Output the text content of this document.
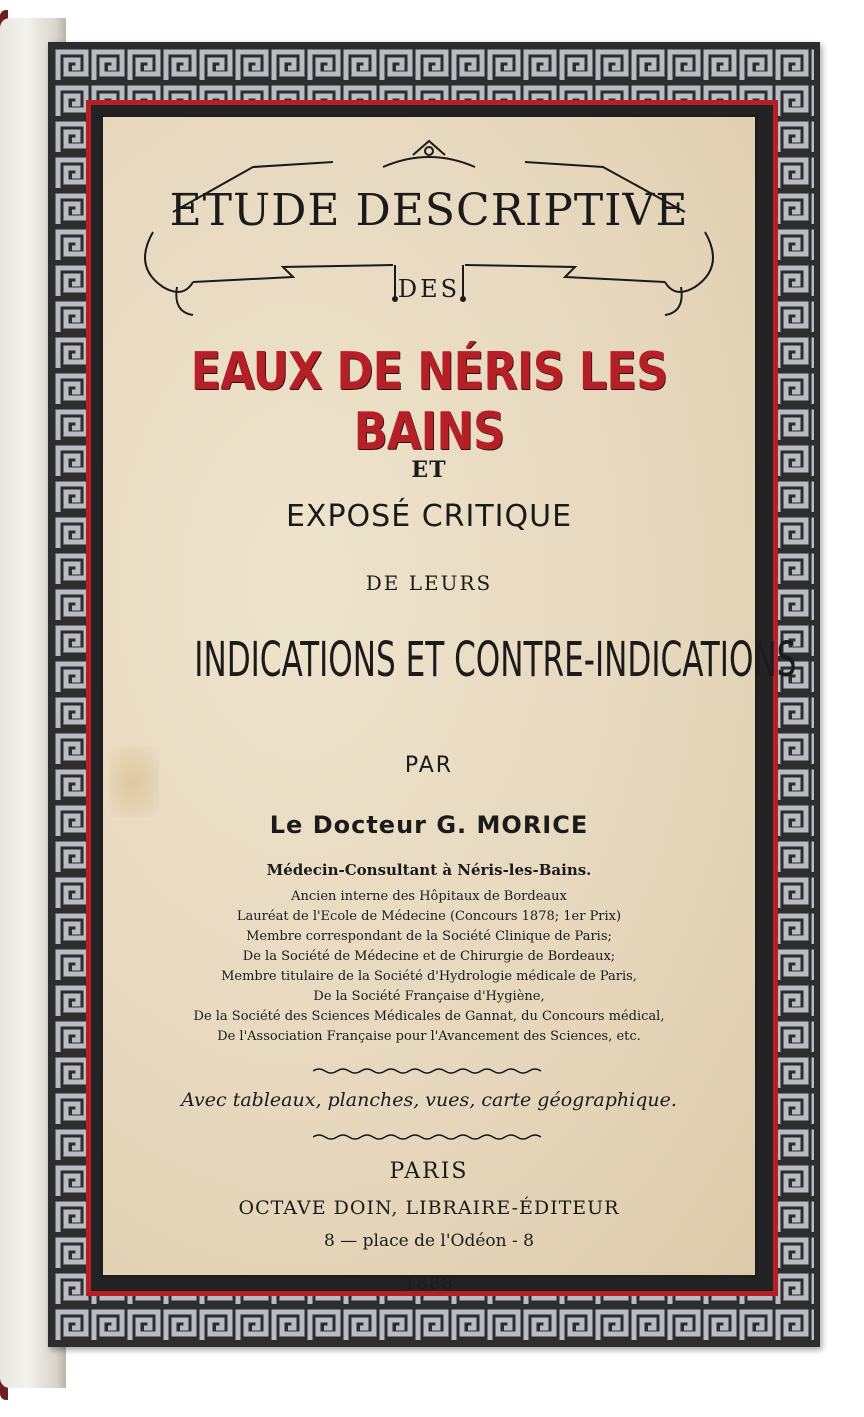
ETUDE DESCRIPTIVE
DES
EAUX DE NÉRIS LES BAINS
ET
EXPOSÉ CRITIQUE
DE LEURS
INDICATIONS ET CONTRE-INDICATIONS
PAR
Le Docteur G. MORICE
Médecin-Consultant à Néris-les-Bains.
Ancien interne des Hôpitaux de Bordeaux
Lauréat de l'Ecole de Médecine (Concours 1878; 1er Prix)
Membre correspondant de la Société Clinique de Paris;
De la Société de Médecine et de Chirurgie de Bordeaux;
Membre titulaire de la Société d'Hydrologie médicale de Paris,
De la Société Française d'Hygiène,
De la Société des Sciences Médicales de Gannat, du Concours médical,
De l'Association Française pour l'Avancement des Sciences, etc.
Avec tableaux, planches, vues, carte géographique.
PARIS
OCTAVE DOIN, LIBRAIRE-ÉDITEUR
8 — place de l'Odéon - 8
1888
